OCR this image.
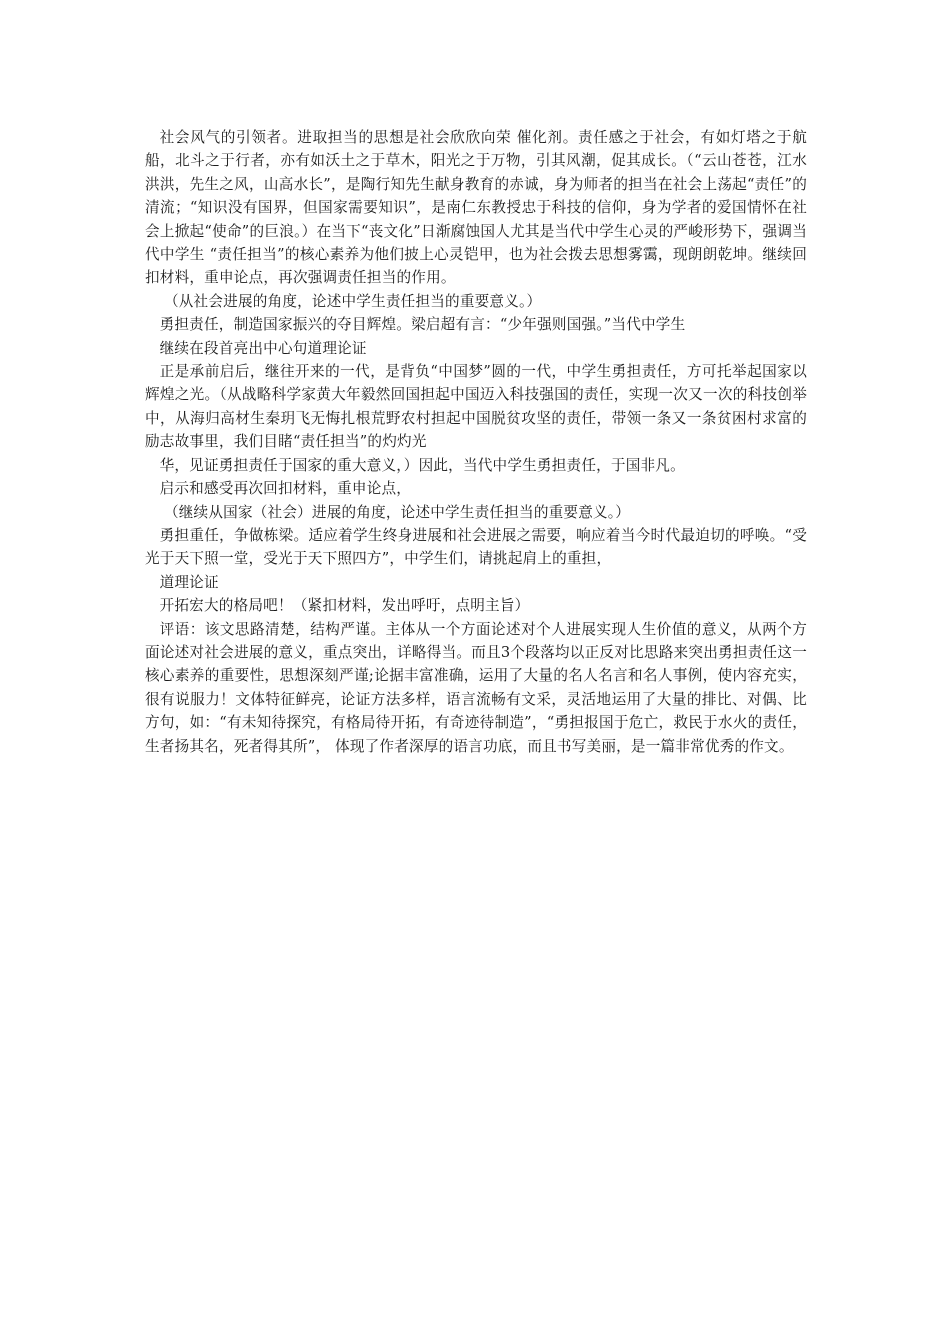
社会风气的引领者。进取担当的思想是社会欣欣向荣 催化剂。责任感之于社会，有如灯塔之于航船，北斗之于行者，亦有如沃土之于草木，阳光之于万物，引其风潮，促其成长。（“云山苍苍，江水洪洪，先生之风，山高水长”，是陶行知先生献身教育的赤诚，身为师者的担当在社会上荡起“责任”的清流；“知识没有国界，但国家需要知识”，是南仁东教授忠于科技的信仰，身为学者的爱国情怀在社会上掀起“使命”的巨浪。）在当下“丧文化”日渐腐蚀国人尤其是当代中学生心灵的严峻形势下，强调当代中学生 “责任担当”的核心素养为他们披上心灵铠甲，也为社会拨去思想雾霭，现朗朗乾坤。继续回扣材料，重申论点，再次强调责任担当的作用。

（从社会进展的角度，论述中学生责任担当的重要意义。）

勇担责任，制造国家振兴的夺目辉煌。梁启超有言：“少年强则国强。”当代中学生

继续在段首亮出中心句道理论证

正是承前启后，继往开来的一代，是背负“中国梦”圆的一代，中学生勇担责任，方可托举起国家以辉煌之光。（从战略科学家黄大年毅然回国担起中国迈入科技强国的责任，实现一次又一次的科技创举中，从海归高材生秦玥飞无悔扎根荒野农村担起中国脱贫攻坚的责任，带领一条又一条贫困村求富的励志故事里，我们目睹“责任担当”的灼灼光

华，见证勇担责任于国家的重大意义，）因此，当代中学生勇担责任，于国非凡。

启示和感受再次回扣材料，重申论点，

（继续从国家（社会）进展的角度，论述中学生责任担当的重要意义。）

勇担重任，争做栋梁。适应着学生终身进展和社会进展之需要，响应着当今时代最迫切的呼唤。“受光于天下照一堂，受光于天下照四方”，中学生们，请挑起肩上的重担，

道理论证

开拓宏大的格局吧！（紧扣材料，发出呼吁，点明主旨）

评语：该文思路清楚，结构严谨。主体从一个方面论述对个人进展实现人生价值的意义，从两个方面论述对社会进展的意义，重点突出，详略得当。而且3个段落均以正反对比思路来突出勇担责任这一核心素养的重要性，思想深刻严谨;论据丰富准确，运用了大量的名人名言和名人事例，使内容充实，很有说服力！文体特征鲜亮，论证方法多样，语言流畅有文采，灵活地运用了大量的排比、对偶、比方句，如：“有未知待探究，有格局待开拓，有奇迹待制造”，“勇担报国于危亡，救民于水火的责任，生者扬其名，死者得其所”， 体现了作者深厚的语言功底，而且书写美丽，是一篇非常优秀的作文。
